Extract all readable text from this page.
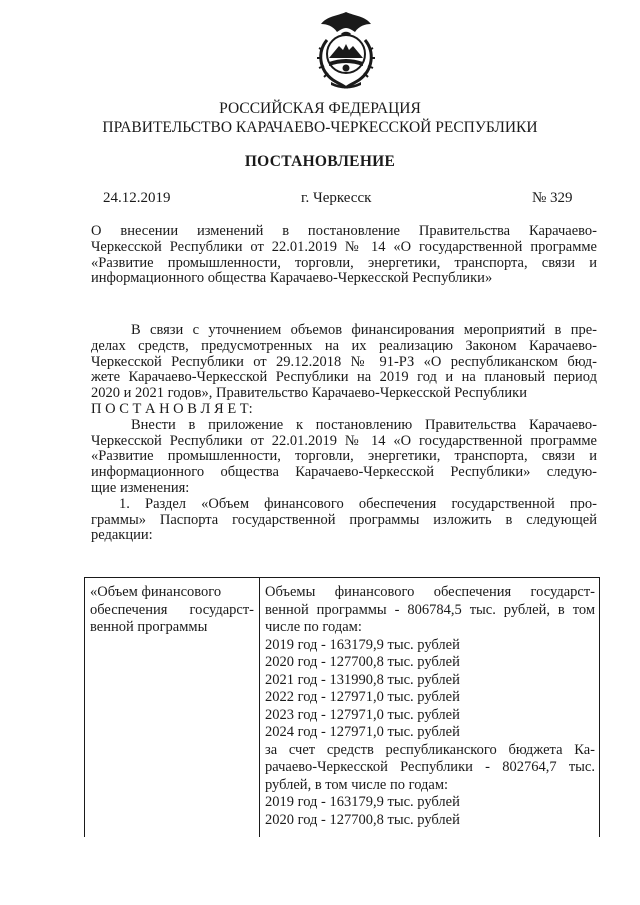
РОССИЙСКАЯ ФЕДЕРАЦИЯ
ПРАВИТЕЛЬСТВО КАРАЧАЕВО-ЧЕРКЕССКОЙ РЕСПУБЛИКИ
ПОСТАНОВЛЕНИЕ
24.12.2019	г. Черкесск	№ 329
О внесении изменений в постановление Правительства Карачаево-
Черкесской Республики от 22.01.2019 № 14 «О государственной программе
«Развитие промышленности, торговли, энергетики, транспорта, связи и
информационного общества Карачаево-Черкесской Республики»
В связи с уточнением объемов финансирования мероприятий в пре-
делах средств, предусмотренных на их реализацию Законом Карачаево-
Черкесской Республики от 29.12.2018 № 91-РЗ «О республиканском бюд-
жете Карачаево-Черкесской Республики на 2019 год и на плановый период
2020 и 2021 годов», Правительство Карачаево-Черкесской Республики
П О С Т А Н О В Л Я Е Т:
Внести в приложение к постановлению Правительства Карачаево-
Черкесской Республики от 22.01.2019 № 14 «О государственной программе
«Развитие промышленности, торговли, энергетики, транспорта, связи и
информационного общества Карачаево-Черкесской Республики» следую-
щие изменения:
1. Раздел «Объем финансового обеспечения государственной про-
граммы» Паспорта государственной программы изложить в следующей
редакции:
«Объем финансового
обеспечения государст-
венной программы
Объемы финансового обеспечения государст-
венной программы - 806784,5 тыс. рублей, в том
числе по годам:
2019 год - 163179,9 тыс. рублей
2020 год - 127700,8 тыс. рублей
2021 год - 131990,8 тыс. рублей
2022 год - 127971,0 тыс. рублей
2023 год - 127971,0 тыс. рублей
2024 год - 127971,0 тыс. рублей
за счет средств республиканского бюджета Ка-
рачаево-Черкесской Республики - 802764,7 тыс.
рублей, в том числе по годам:
2019 год - 163179,9 тыс. рублей
2020 год - 127700,8 тыс. рублей
